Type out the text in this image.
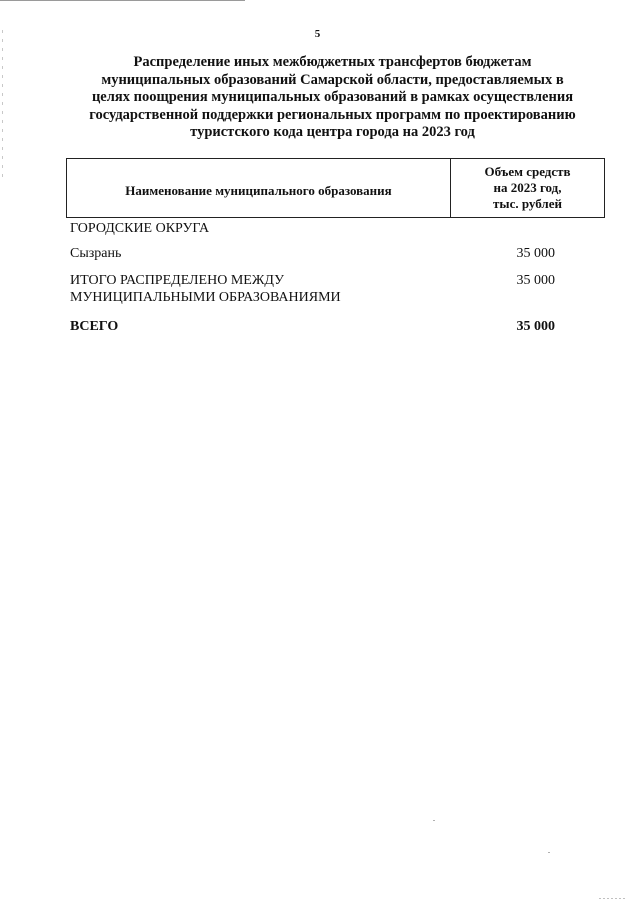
5
Распределение иных межбюджетных трансфертов бюджетам
муниципальных образований Самарской области, предоставляемых в
целях поощрения муниципальных образований в рамках осуществления
государственной поддержки региональных программ по проектированию
туристского кода центра города на 2023 год
Наименование муниципального образования
Объем средств
на 2023 год,
тыс. рублей
ГОРОДСКИЕ ОКРУГА
Сызрань	35 000
ИТОГО РАСПРЕДЕЛЕНО МЕЖДУ
МУНИЦИПАЛЬНЫМИ ОБРАЗОВАНИЯМИ
35 000
ВСЕГО	35 000
